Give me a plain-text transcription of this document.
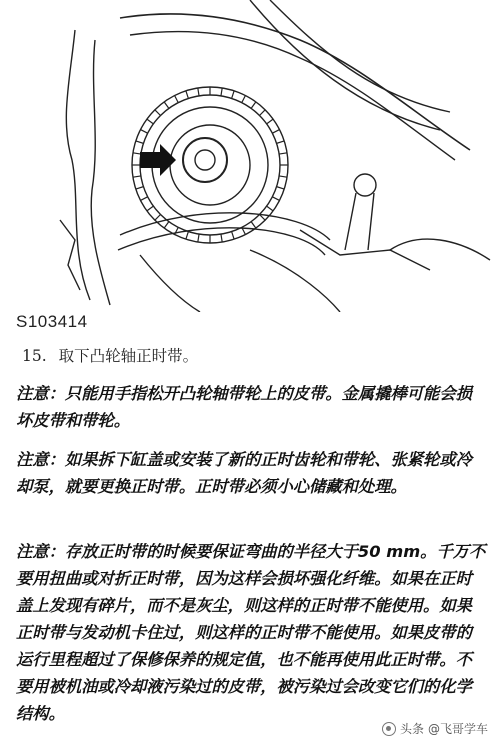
S103414
15. 取下凸轮轴正时带。
注意：只能用手指松开凸轮轴带轮上的皮带。金属撬棒可能会损坏皮带和带轮。
注意：如果拆下缸盖或安装了新的正时齿轮和带轮、张紧轮或冷却泵，就要更换正时带。正时带必须小心储藏和处理。
注意：存放正时带的时候要保证弯曲的半径大于50 mm。千万不要用扭曲或对折正时带，因为这样会损坏强化纤维。如果在正时盖上发现有碎片，而不是灰尘，则这样的正时带不能使用。如果正时带与发动机卡住过，则这样的正时带不能使用。如果皮带的运行里程超过了保修保养的规定值，也不能再使用此正时带。不要用被机油或冷却液污染过的皮带，被污染过会改变它们的化学结构。
头条 @飞哥学车
